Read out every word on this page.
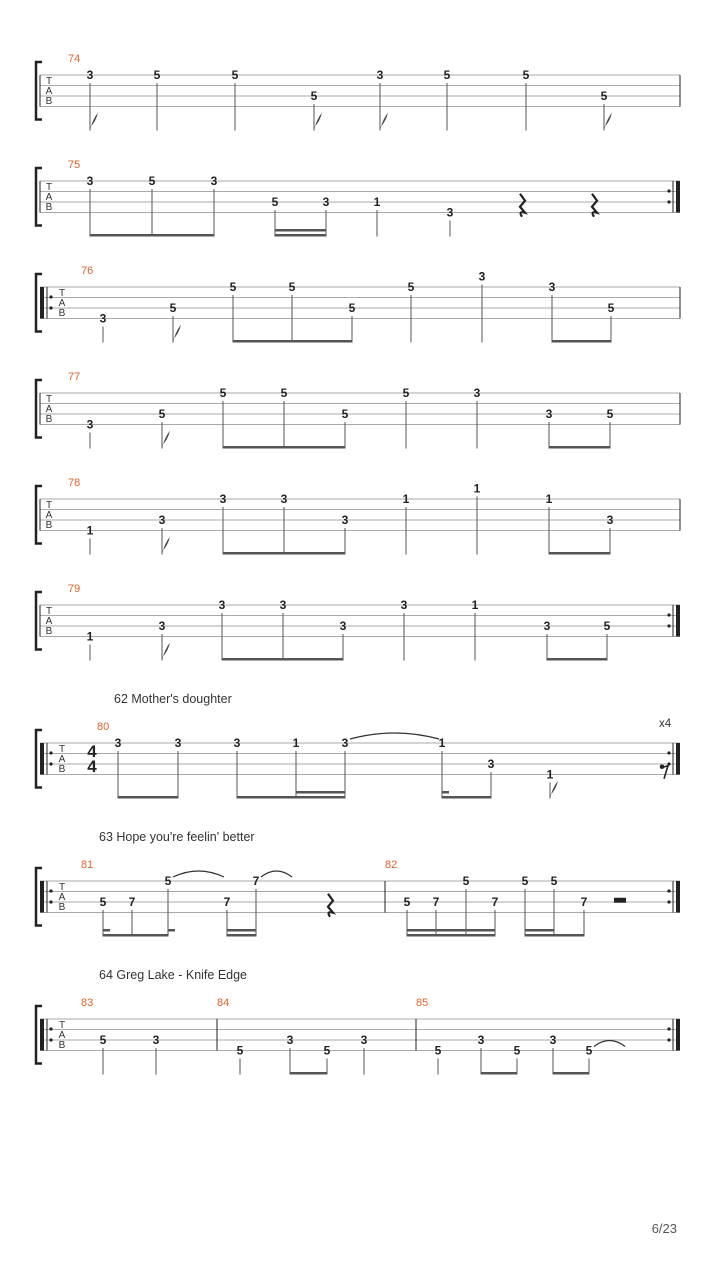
T
A
B
74
3	5	5
5
3	5	5
5
T
A
B
75
3	5	3
5	3	1
3
T
A
B
76
3
5
5	5
5
5
3
3
5
T
A
B
77
3
5
5	5
5
5	3
3	5
T
A
B
78
1
3
3	3
3
1
1
1
3
T
A
B
79
1
3
3	3
3
3	1
3	5
62 Mother's doughter
x4
T
A
B
4
4
80
3	3	3	1	3	1
3
1
63 Hope you're feelin' better
T
A
B
81	82
5 7
5
7
7
5 7
5
7
5 5
7
64 Greg Lake - Knife Edge
T
A
B
83	84	85
5	3
5
3
5
3
5
3
5
3
5
6/23
